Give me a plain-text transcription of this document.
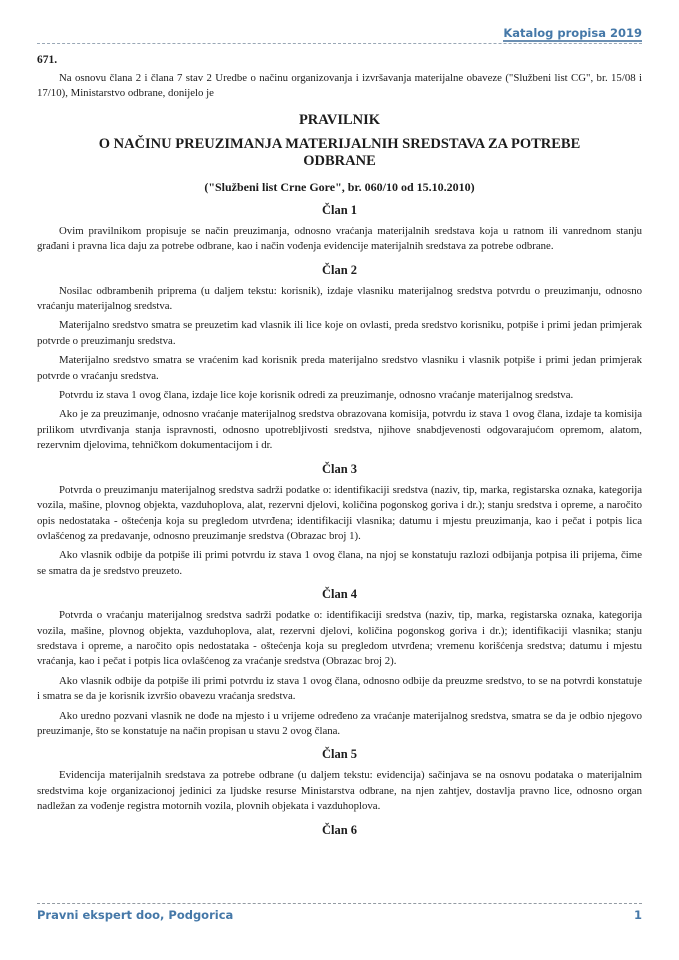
Katalog propisa 2019
671.

Na osnovu člana 2 i člana 7 stav 2 Uredbe o načinu organizovanja i izvršavanja materijalne obaveze ("Službeni list CG", br. 15/08 i 17/10), Ministarstvo odbrane, donijelo je

PRAVILNIK
O NAČINU PREUZIMANJA MATERIJALNIH SREDSTAVA ZA POTREBE ODBRANE
("Službeni list Crne Gore", br. 060/10 od 15.10.2010)
Član 1

Ovim pravilnikom propisuje se način preuzimanja, odnosno vraćanja materijalnih sredstava koja u ratnom ili vanrednom stanju građani i pravna lica daju za potrebe odbrane, kao i način vođenja evidencije materijalnih sredstava za potrebe odbrane.

Član 2

Nosilac odbrambenih priprema (u daljem tekstu: korisnik), izdaje vlasniku materijalnog sredstva potvrdu o preuzimanju, odnosno vraćanju materijalnog sredstva.

Materijalno sredstvo smatra se preuzetim kad vlasnik ili lice koje on ovlasti, preda sredstvo korisniku, potpiše i primi jedan primjerak potvrde o preuzimanju sredstva.

Materijalno sredstvo smatra se vraćenim kad korisnik preda materijalno sredstvo vlasniku i vlasnik potpiše i primi jedan primjerak potvrde o vraćanju sredstva.

Potvrdu iz stava 1 ovog člana, izdaje lice koje korisnik odredi za preuzimanje, odnosno vraćanje materijalnog sredstva.

Ako je za preuzimanje, odnosno vraćanje materijalnog sredstva obrazovana komisija, potvrdu iz stava 1 ovog člana, izdaje ta komisija prilikom utvrđivanja stanja ispravnosti, odnosno upotrebljivosti sredstva, njihove snabdjevenosti odgovarajućom opremom, alatom, rezervnim djelovima, tehničkom dokumentacijom i dr.

Član 3

Potvrda o preuzimanju materijalnog sredstva sadrži podatke o: identifikaciji sredstva (naziv, tip, marka, registarska oznaka, kategorija vozila, mašine, plovnog objekta, vazduhoplova, alat, rezervni djelovi, količina pogonskog goriva i dr.); stanju sredstva i opreme, a naročito opis nedostataka - oštećenja koja su pregledom utvrđena; identifikaciji vlasnika; datumu i mjestu preuzimanja, kao i pečat i potpis lica ovlašćenog za predavanje, odnosno preuzimanje sredstva (Obrazac broj 1).

Ako vlasnik odbije da potpiše ili primi potvrdu iz stava 1 ovog člana, na njoj se konstatuju razlozi odbijanja potpisa ili prijema, čime se smatra da je sredstvo preuzeto.

Član 4

Potvrda o vraćanju materijalnog sredstva sadrži podatke o: identifikaciji sredstva (naziv, tip, marka, registarska oznaka, kategorija vozila, mašine, plovnog objekta, vazduhoplova, alat, rezervni djelovi, količina pogonskog goriva i dr.); identifikaciji vlasnika; stanju sredstava i opreme, a naročito opis nedostataka - oštećenja koja su pregledom utvrđena; vremenu korišćenja sredstva; datumu i mjestu vraćanja, kao i pečat i potpis lica ovlašćenog za vraćanje sredstva (Obrazac broj 2).

Ako vlasnik odbije da potpiše ili primi potvrdu iz stava 1 ovog člana, odnosno odbije da preuzme sredstvo, to se na potvrdi konstatuje i smatra se da je korisnik izvršio obavezu vraćanja sredstva.

Ako uredno pozvani vlasnik ne dođe na mjesto i u vrijeme određeno za vraćanje materijalnog sredstva, smatra se da je odbio njegovo preuzimanje, što se konstatuje na način propisan u stavu 2 ovog člana.

Član 5

Evidencija materijalnih sredstava za potrebe odbrane (u daljem tekstu: evidencija) sačinjava se na osnovu podataka o materijalnim sredstvima koje organizacionoj jedinici za ljudske resurse Ministarstva odbrane, na njen zahtjev, dostavlja pravno lice, odnosno organ nadležan za vođenje registra motornih vozila, plovnih objekata i vazduhoplova.

Član 6
Pravni ekspert doo, Podgorica	1
